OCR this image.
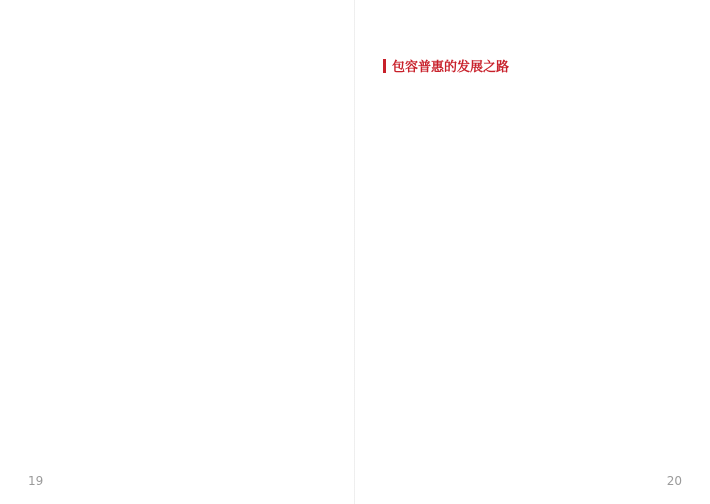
19
包容普惠的发展之路
20
